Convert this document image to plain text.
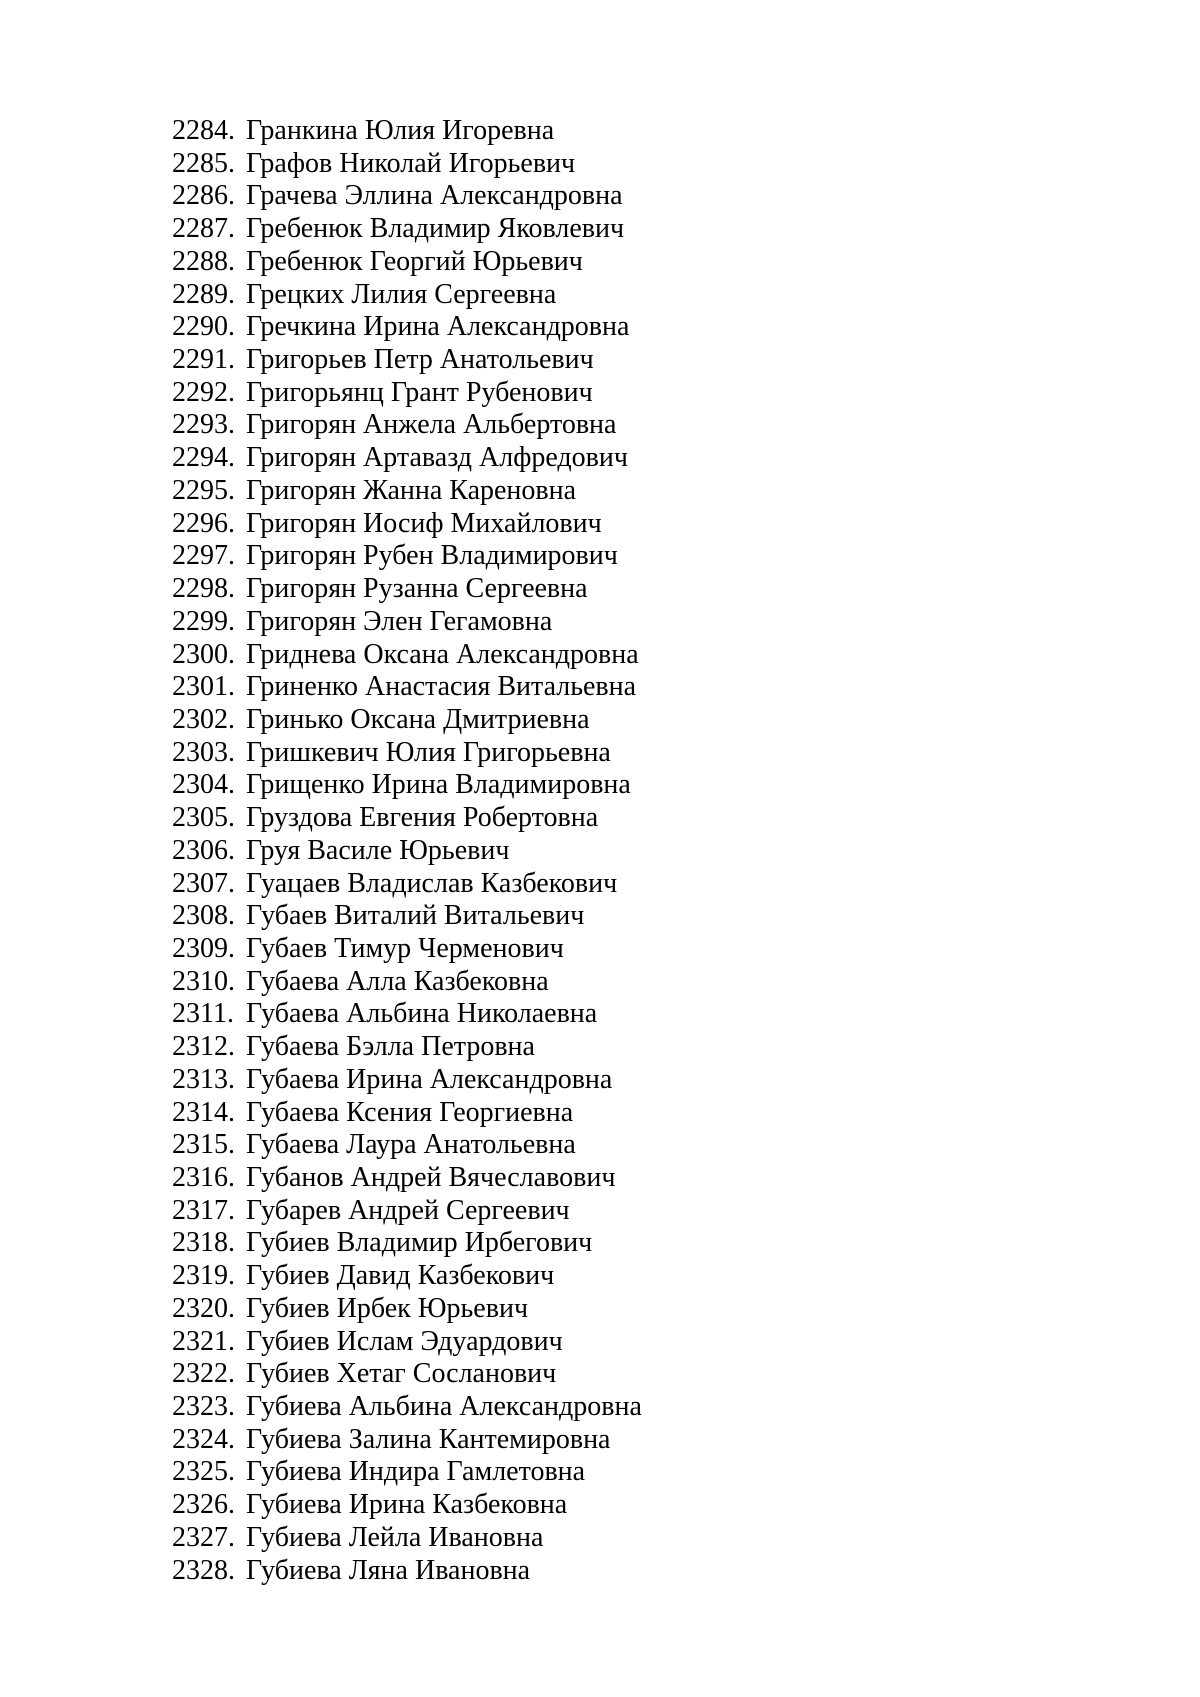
2284. Гранкина Юлия Игоревна
2285. Графов Николай Игорьевич
2286. Грачева Эллина Александровна
2287. Гребенюк Владимир Яковлевич
2288. Гребенюк Георгий Юрьевич
2289. Грецких Лилия Сергеевна
2290. Гречкина Ирина Александровна
2291. Григорьев Петр Анатольевич
2292. Григорьянц Грант Рубенович
2293. Григорян Анжела Альбертовна
2294. Григорян Артавазд Алфредович
2295. Григорян Жанна Кареновна
2296. Григорян Иосиф Михайлович
2297. Григорян Рубен Владимирович
2298. Григорян Рузанна Сергеевна
2299. Григорян Элен Гегамовна
2300. Гриднева Оксана Александровна
2301. Гриненко Анастасия Витальевна
2302. Гринько Оксана Дмитриевна
2303. Гришкевич Юлия Григорьевна
2304. Грищенко Ирина Владимировна
2305. Груздова Евгения Робертовна
2306. Груя Василе Юрьевич
2307. Гуацаев Владислав Казбекович
2308. Губаев Виталий Витальевич
2309. Губаев Тимур Черменович
2310. Губаева Алла Казбековна
2311. Губаева Альбина Николаевна
2312. Губаева Бэлла Петровна
2313. Губаева Ирина Александровна
2314. Губаева Ксения Георгиевна
2315. Губаева Лаура Анатольевна
2316. Губанов Андрей Вячеславович
2317. Губарев Андрей Сергеевич
2318. Губиев Владимир Ирбегович
2319. Губиев Давид Казбекович
2320. Губиев Ирбек Юрьевич
2321. Губиев Ислам Эдуардович
2322. Губиев Хетаг Сосланович
2323. Губиева Альбина Александровна
2324. Губиева Залина Кантемировна
2325. Губиева Индира Гамлетовна
2326. Губиева Ирина Казбековна
2327. Губиева Лейла Ивановна
2328. Губиева Ляна Ивановна
